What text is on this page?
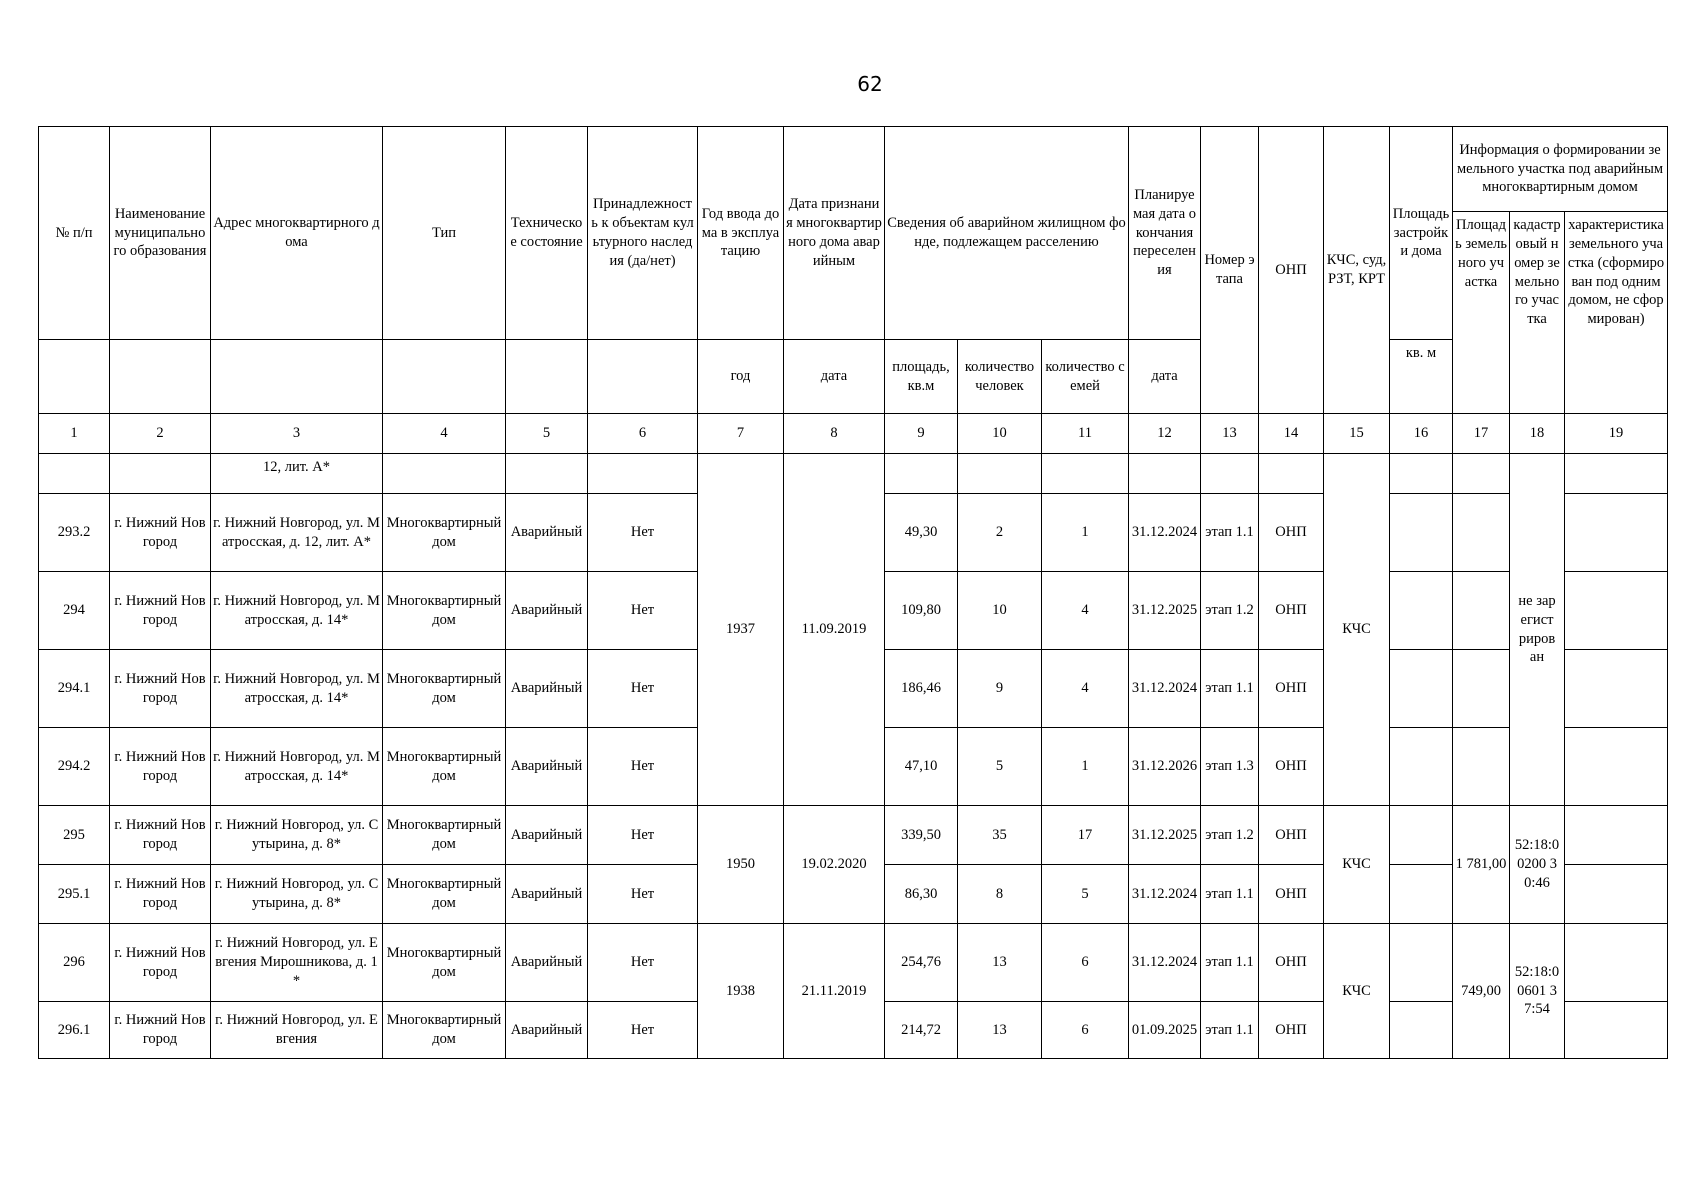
62
№ п/п	Наименование муниципального образования	Адрес многоквартирного дома	Тип	Техническое состояние	Принадлежность к объектам культурного наследия (да/нет)	Год ввода дома в эксплуатацию	Дата признания многоквартирного дома аварийным	Сведения об аварийном жилищном фонде, подлежащем расселению			Планируемая дата окончания переселения	Номер этапа	ОНП	КЧС, суд, РЗТ, КРТ	Площадь застройки дома	Информация о формировании земельного участка под аварийным многоквартирным домом		
																Площадь земельного участка	кадастровый номер земельного участка	характеристика земельного участка (сформирован под одним домом, не сформирован)
						год	дата	площадь, кв.м	количество человек	количество семей	дата				кв. м			
1	2	3	4	5	6	7	8	9	10	11	12	13	14	15	16	17	18	19
		12, лит. А*				1937	11.09.2019							КЧС			не зарегистрирован	
293.2	г. Нижний Новгород	г. Нижний Новгород, ул. Матросская, д. 12, лит. А*	Многоквартирный дом	Аварийный	Нет			49,30	2	1	31.12.2024	этап 1.1	ОНП					
294	г. Нижний Новгород	г. Нижний Новгород, ул. Матросская, д. 14*	Многоквартирный дом	Аварийный	Нет			109,80	10	4	31.12.2025	этап 1.2	ОНП					
294.1	г. Нижний Новгород	г. Нижний Новгород, ул. Матросская, д. 14*	Многоквартирный дом	Аварийный	Нет			186,46	9	4	31.12.2024	этап 1.1	ОНП					
294.2	г. Нижний Новгород	г. Нижний Новгород, ул. Матросская, д. 14*	Многоквартирный дом	Аварийный	Нет			47,10	5	1	31.12.2026	этап 1.3	ОНП					
295	г. Нижний Новгород	г. Нижний Новгород, ул. Сутырина, д. 8*	Многоквартирный дом	Аварийный	Нет	1950	19.02.2020	339,50	35	17	31.12.2025	этап 1.2	ОНП	КЧС		1 781,00	52:18:00200 30:46	
295.1	г. Нижний Новгород	г. Нижний Новгород, ул. Сутырина, д. 8*	Многоквартирный дом	Аварийный	Нет			86,30	8	5	31.12.2024	этап 1.1	ОНП					
296	г. Нижний Новгород	г. Нижний Новгород, ул. Евгения Мирошникова, д. 1*	Многоквартирный дом	Аварийный	Нет	1938	21.11.2019	254,76	13	6	31.12.2024	этап 1.1	ОНП	КЧС		749,00	52:18:00601 37:54	
296.1	г. Нижний Новгород	г. Нижний Новгород, ул. Евгения	Многоквартирный дом	Аварийный	Нет			214,72	13	6	01.09.2025	этап 1.1	ОНП					
